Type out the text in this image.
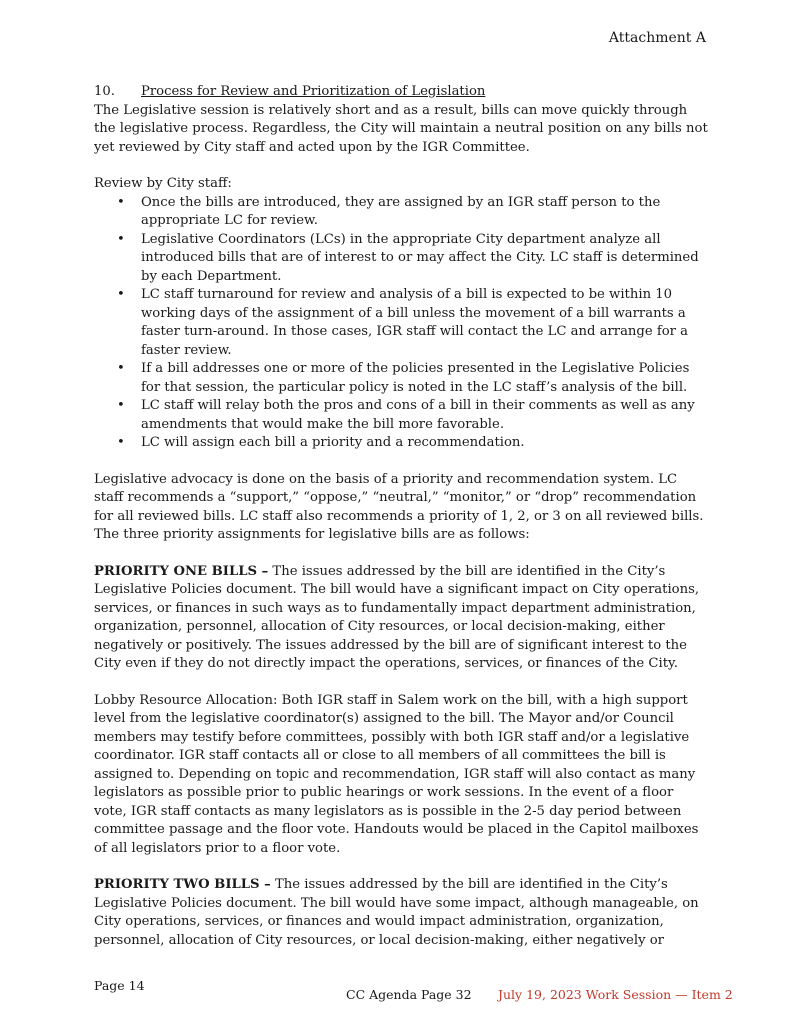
Attachment A

10. Process for Review and Prioritization of Legislation

The Legislative session is relatively short and as a result, bills can move quickly through the legislative process. Regardless, the City will maintain a neutral position on any bills not yet reviewed by City staff and acted upon by the IGR Committee.

Review by City staff:

• Once the bills are introduced, they are assigned by an IGR staff person to the appropriate LC for review.
• Legislative Coordinators (LCs) in the appropriate City department analyze all introduced bills that are of interest to or may affect the City. LC staff is determined by each Department.
• LC staff turnaround for review and analysis of a bill is expected to be within 10 working days of the assignment of a bill unless the movement of a bill warrants a faster turn-around. In those cases, IGR staff will contact the LC and arrange for a faster review.
• If a bill addresses one or more of the policies presented in the Legislative Policies for that session, the particular policy is noted in the LC staff’s analysis of the bill.
• LC staff will relay both the pros and cons of a bill in their comments as well as any amendments that would make the bill more favorable.
• LC will assign each bill a priority and a recommendation.

Legislative advocacy is done on the basis of a priority and recommendation system. LC staff recommends a “support,” “oppose,” “neutral,” “monitor,” or “drop” recommendation for all reviewed bills. LC staff also recommends a priority of 1, 2, or 3 on all reviewed bills. The three priority assignments for legislative bills are as follows:

PRIORITY ONE BILLS – The issues addressed by the bill are identified in the City’s Legislative Policies document. The bill would have a significant impact on City operations, services, or finances in such ways as to fundamentally impact department administration, organization, personnel, allocation of City resources, or local decision-making, either negatively or positively. The issues addressed by the bill are of significant interest to the City even if they do not directly impact the operations, services, or finances of the City.

Lobby Resource Allocation: Both IGR staff in Salem work on the bill, with a high support level from the legislative coordinator(s) assigned to the bill. The Mayor and/or Council members may testify before committees, possibly with both IGR staff and/or a legislative coordinator. IGR staff contacts all or close to all members of all committees the bill is assigned to. Depending on topic and recommendation, IGR staff will also contact as many legislators as possible prior to public hearings or work sessions. In the event of a floor vote, IGR staff contacts as many legislators as is possible in the 2-5 day period between committee passage and the floor vote. Handouts would be placed in the Capitol mailboxes of all legislators prior to a floor vote.

PRIORITY TWO BILLS – The issues addressed by the bill are identified in the City’s Legislative Policies document. The bill would have some impact, although manageable, on City operations, services, or finances and would impact administration, organization, personnel, allocation of City resources, or local decision-making, either negatively or

Page 14
CC Agenda Page 32 July 19, 2023 Work Session — Item 2
